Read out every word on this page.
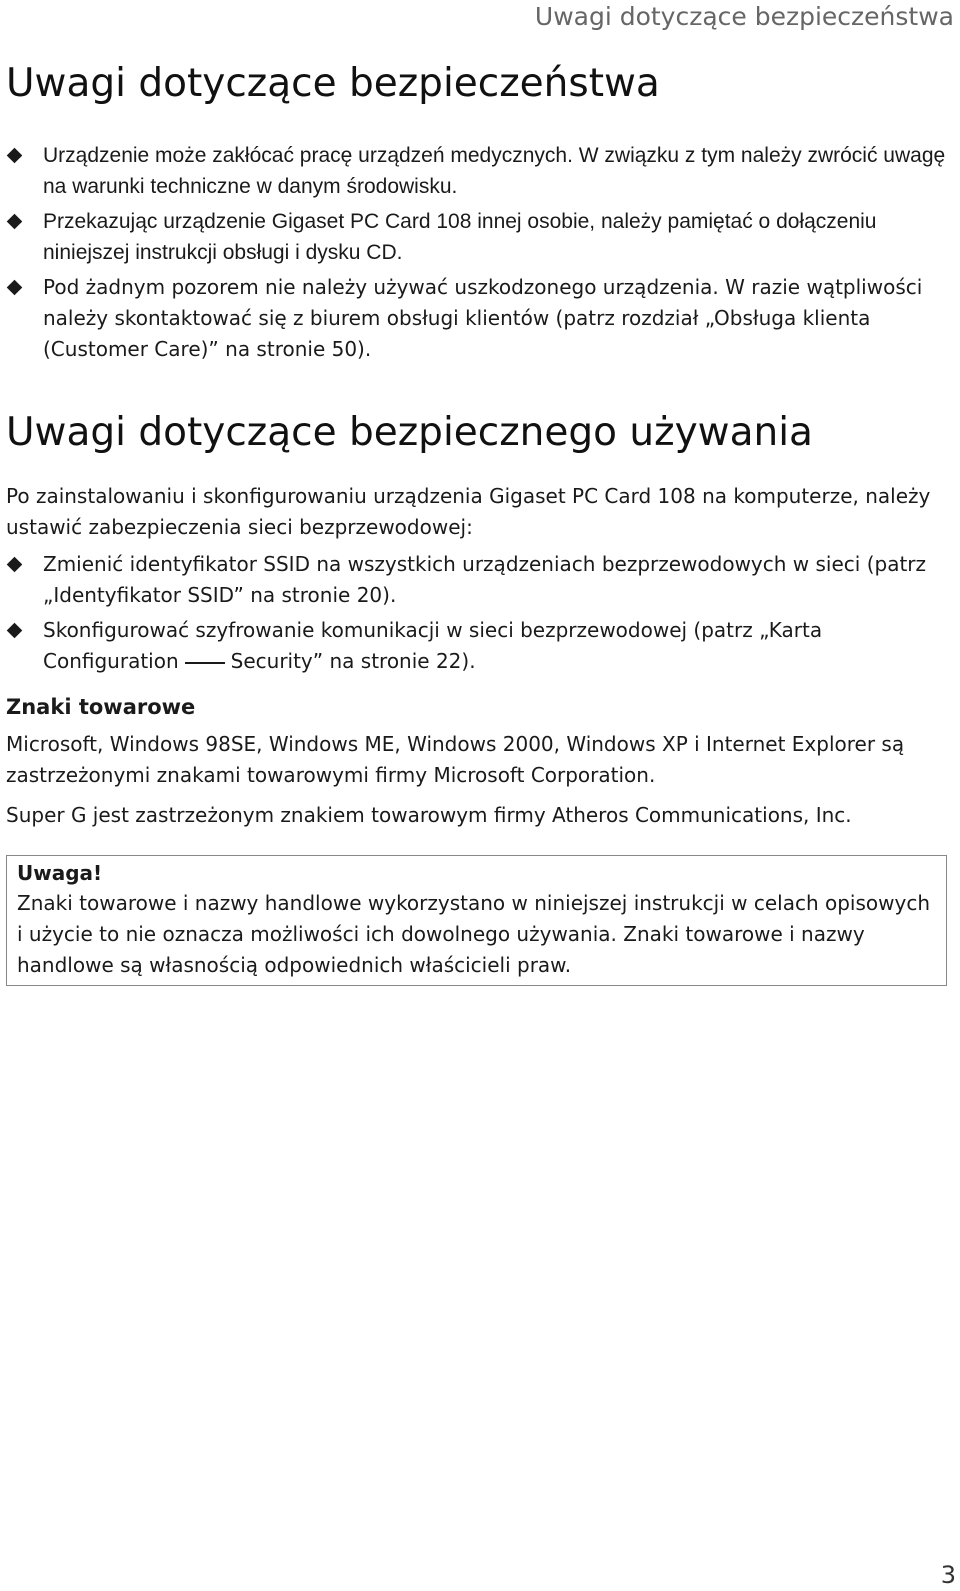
Uwagi dotyczące bezpieczeństwa
Uwagi dotyczące bezpieczeństwa
Urządzenie może zakłócać pracę urządzeń medycznych. W związku z tym należy zwrócić uwagę na warunki techniczne w danym środowisku.
Przekazując urządzenie Gigaset PC Card 108 innej osobie, należy pamiętać o dołączeniu niniejszej instrukcji obsługi i dysku CD.
Pod żadnym pozorem nie należy używać uszkodzonego urządzenia. W razie wątpliwości należy skontaktować się z biurem obsługi klientów (patrz rozdział „Obsługa klienta (Customer Care)” na stronie 50).
Uwagi dotyczące bezpiecznego używania

Po zainstalowaniu i skonfigurowaniu urządzenia Gigaset PC Card 108 na komputerze, należy ustawić zabezpieczenia sieci bezprzewodowej:

Zmienić identyfikator SSID na wszystkich urządzeniach bezprzewodowych w sieci (patrz „Identyfikator SSID” na stronie 20).
Skonfigurować szyfrowanie komunikacji w sieci bezprzewodowej (patrz „Karta Configuration	Security” na stronie 22).

Znaki towarowe

Microsoft, Windows 98SE, Windows ME, Windows 2000, Windows XP i Internet Explorer są zastrzeżonymi znakami towarowymi firmy Microsoft Corporation.

Super G jest zastrzeżonym znakiem towarowym firmy Atheros Communications, Inc.

Uwaga!

Znaki towarowe i nazwy handlowe wykorzystano w niniejszej instrukcji w celach opisowych i użycie to nie oznacza możliwości ich dowolnego używania. Znaki towarowe i nazwy handlowe są własnością odpowiednich właścicieli praw.

3
